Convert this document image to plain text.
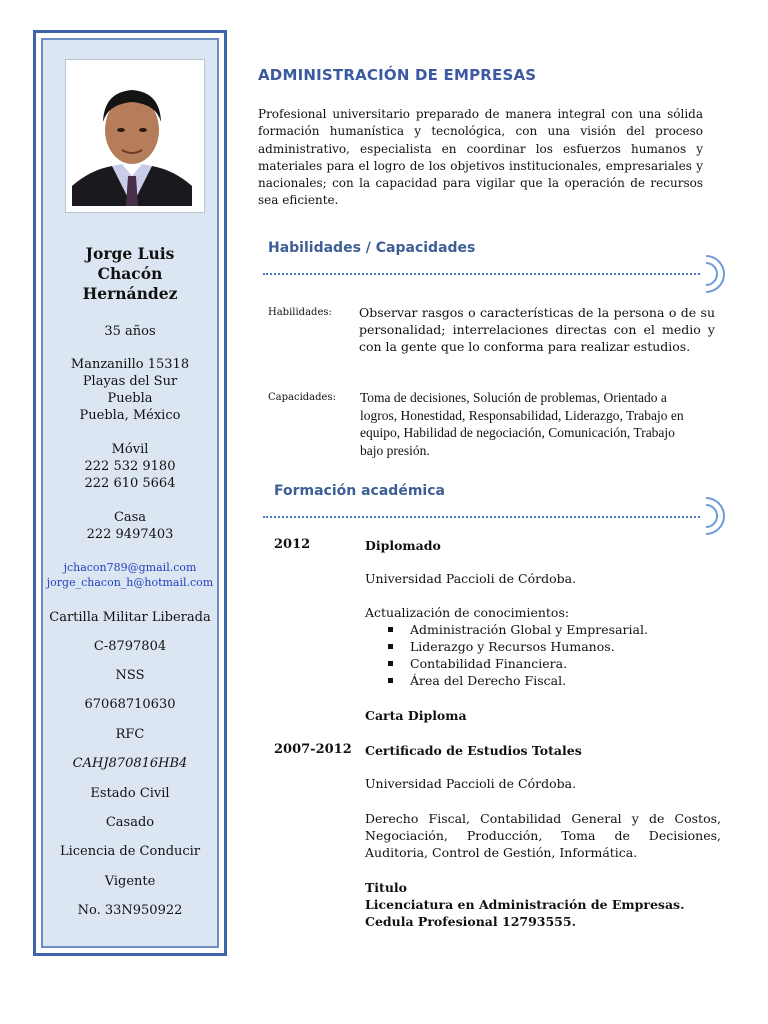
Jorge Luis
Chacón
Hernández
35 años
Manzanillo 15318
Playas del Sur
Puebla
Puebla, México
Móvil
222 532 9180
222 610 5664
Casa
222 9497403
jchacon789@gmail.com
jorge_chacon_h@hotmail.com
Cartilla Militar Liberada
C-8797804
NSS
67068710630
RFC
CAHJ870816HB4
Estado Civil
Casado
Licencia de Conducir
Vigente
No. 33N950922
ADMINISTRACIÓN DE EMPRESAS
Profesional universitario preparado de manera integral con una sólida formación humanística y tecnológica, con una visión del proceso administrativo, especialista en coordinar los esfuerzos humanos y materiales para el logro de los objetivos institucionales, empresariales y nacionales; con la capacidad para vigilar que la operación de recursos sea eficiente.
Habilidades / Capacidades
Habilidades: Observar rasgos o características de la persona o de su personalidad; interrelaciones directas con el medio y con la gente que lo conforma para realizar estudios.
Capacidades: Toma de decisiones, Solución de problemas, Orientado a logros, Honestidad, Responsabilidad, Liderazgo, Trabajo en equipo, Habilidad de negociación, Comunicación, Trabajo bajo presión.
Formación académica
2012	Diplomado
Universidad Paccioli de Córdoba.
Actualización de conocimientos:
Administración Global y Empresarial.
Liderazgo y Recursos Humanos.
Contabilidad Financiera.
Área del Derecho Fiscal.
Carta Diploma
2007-2012 Certificado de Estudios Totales
Universidad Paccioli de Córdoba.
Derecho Fiscal, Contabilidad General y de Costos, Negociación, Producción, Toma de Decisiones, Auditoria, Control de Gestión, Informática.
Titulo
Licenciatura en Administración de Empresas.
Cedula Profesional 12793555.
